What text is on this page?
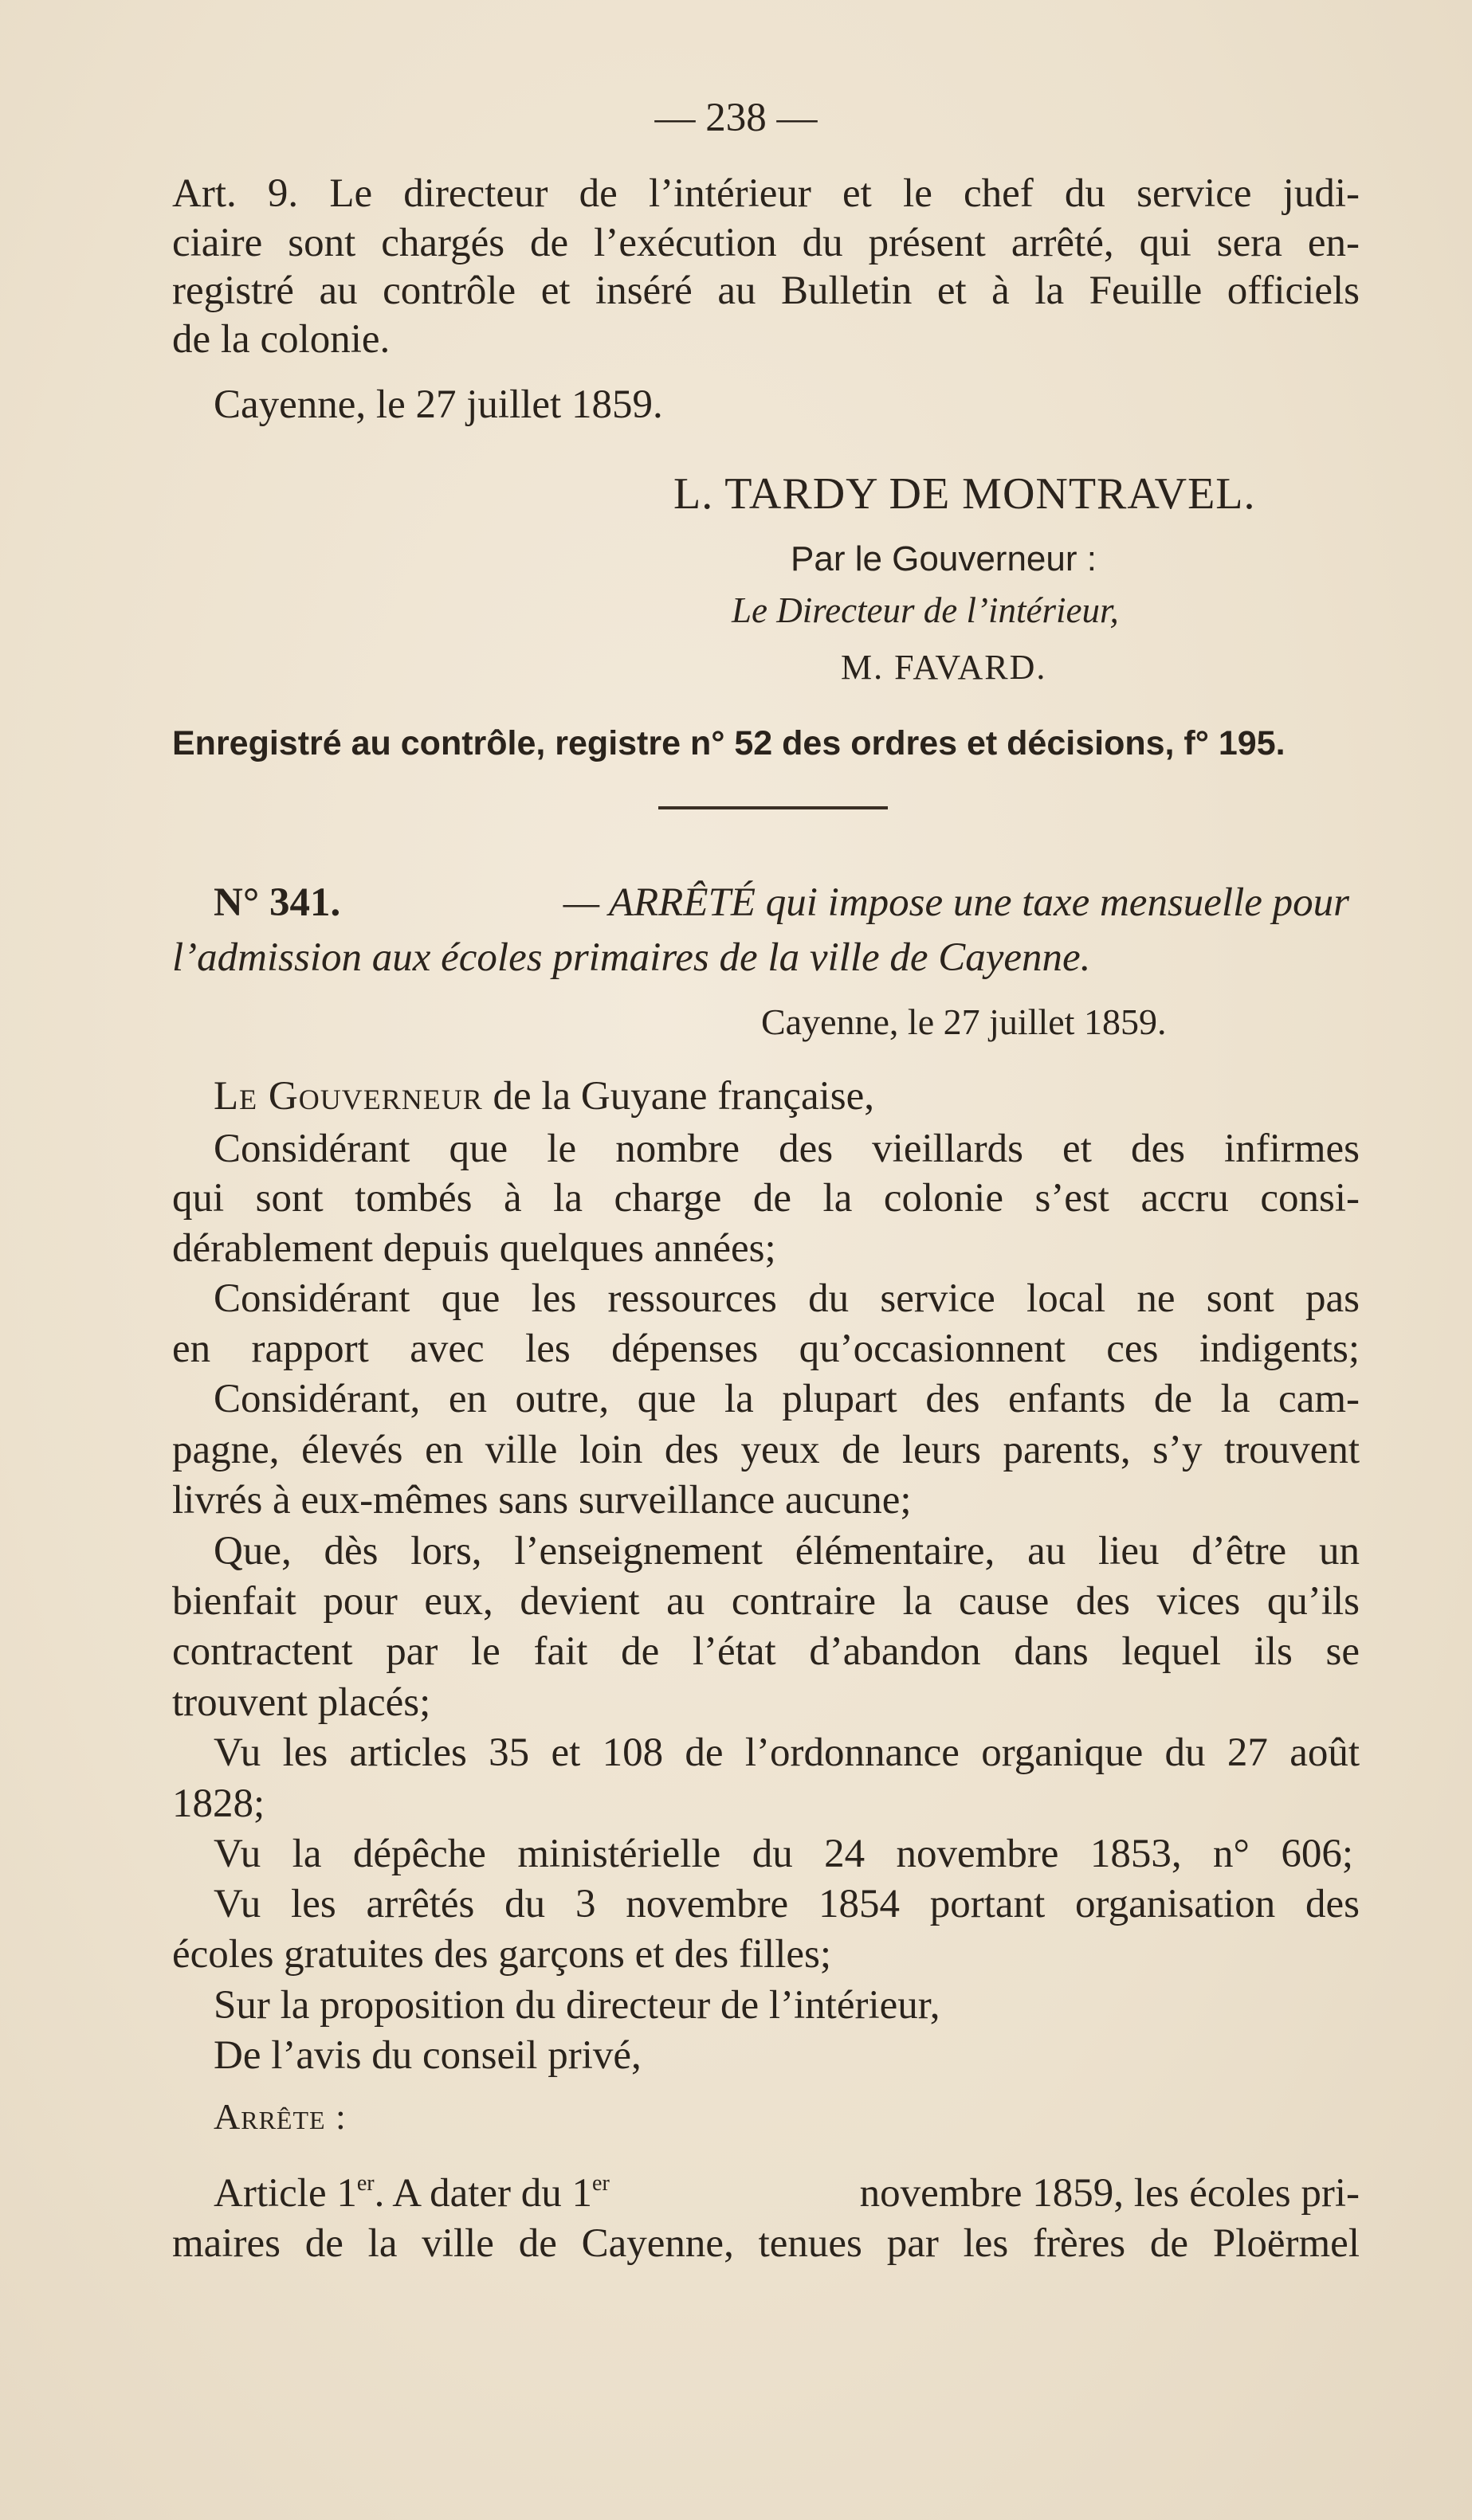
— 238 —
Art. 9. Le directeur de l’intérieur et le chef du service judi-
ciaire sont chargés de l’exécution du présent arrêté, qui sera en-
registré au contrôle et inséré au Bulletin et à la Feuille officiels
de la colonie.
Cayenne, le 27 juillet 1859.
L. TARDY DE MONTRAVEL.
Par le Gouverneur :
Le Directeur de l’intérieur,
M. FAVARD.
Enregistré au contrôle, registre n° 52 des ordres et décisions, f° 195.
N° 341.	— ARRÊTÉ qui impose une taxe mensuelle pour
l’admission aux écoles primaires de la ville de Cayenne.
Cayenne, le 27 juillet 1859.
Le Gouverneur de la Guyane française,
Considérant que le nombre des vieillards et des infirmes
qui sont tombés à la charge de la colonie s’est accru consi-
dérablement depuis quelques années;
Considérant que les ressources du service local ne sont pas
en rapport avec les dépenses qu’occasionnent ces indigents;
Considérant, en outre, que la plupart des enfants de la cam-
pagne, élevés en ville loin des yeux de leurs parents, s’y trouvent
livrés à eux-mêmes sans surveillance aucune;
Que, dès lors, l’enseignement élémentaire, au lieu d’être un
bienfait pour eux, devient au contraire la cause des vices qu’ils
contractent par le fait de l’état d’abandon dans lequel ils se
trouvent placés;
Vu les articles 35 et 108 de l’ordonnance organique du 27 août
1828;
Vu la dépêche ministérielle du 24 novembre 1853, n° 606;
Vu les arrêtés du 3 novembre 1854 portant organisation des
écoles gratuites des garçons et des filles;
Sur la proposition du directeur de l’intérieur,
De l’avis du conseil privé,
Arrête :
Article 1er. A dater du 1er	novembre 1859, les écoles pri-
maires de la ville de Cayenne, tenues par les frères de Ploërmel
